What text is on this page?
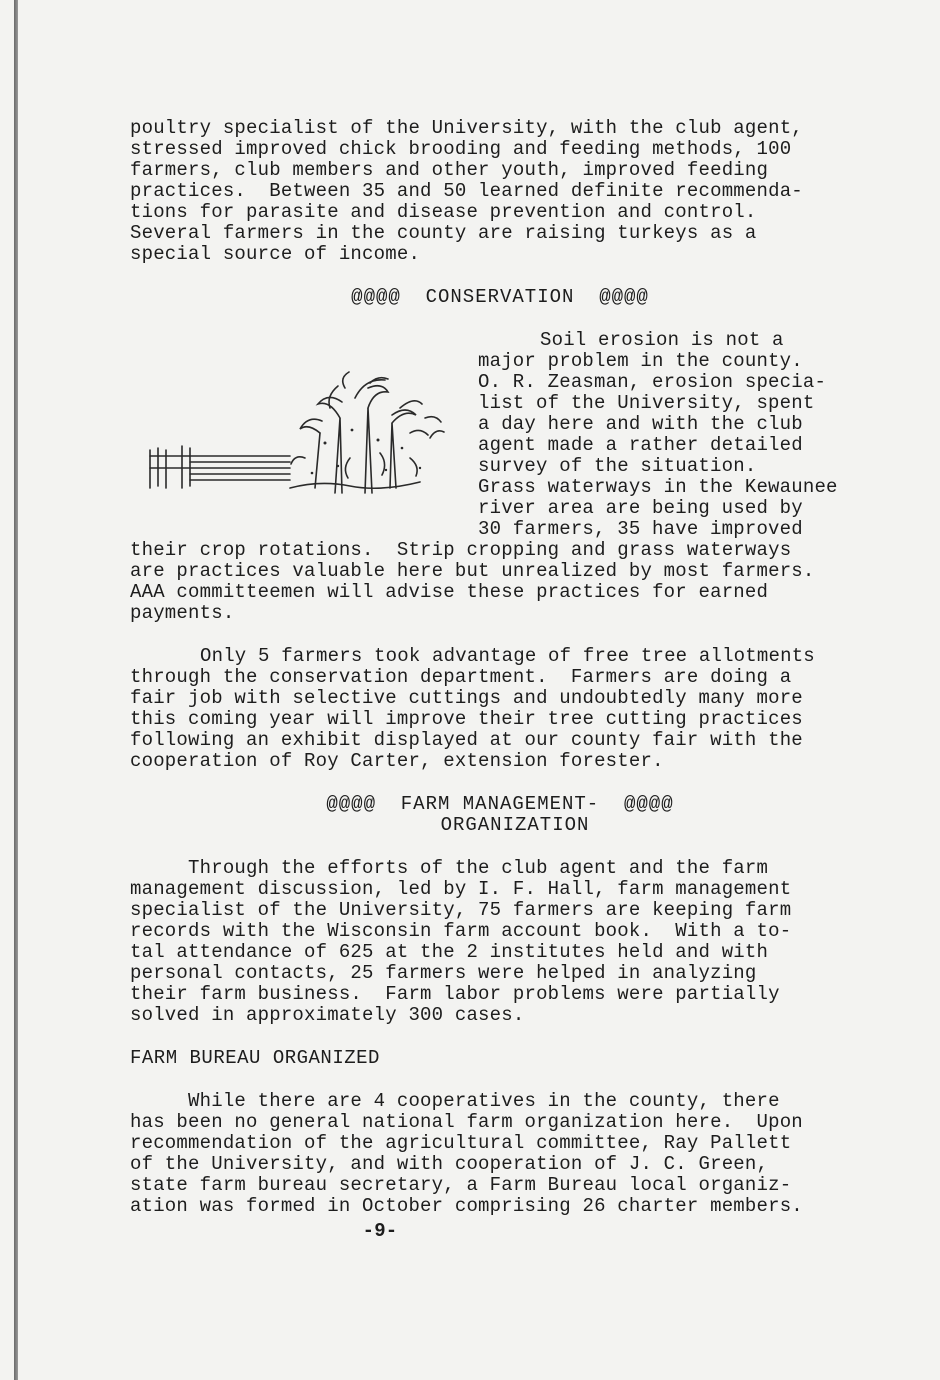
poultry specialist of the University, with the club agent,
stressed improved chick brooding and feeding methods, 100
farmers, club members and other youth, improved feeding
practices.  Between 35 and 50 learned definite recommenda-
tions for parasite and disease prevention and control.
Several farmers in the county are raising turkeys as a
special source of income.
@@@@  CONSERVATION  @@@@
Soil erosion is not a
major problem in the county.
O. R. Zeasman, erosion specia-
list of the University, spent
a day here and with the club
agent made a rather detailed
survey of the situation.
Grass waterways in the Kewaunee
river area are being used by
30 farmers, 35 have improved
their crop rotations.  Strip cropping and grass waterways
are practices valuable here but unrealized by most farmers.
AAA committeemen will advise these practices for earned
payments.
Only 5 farmers took advantage of free tree allotments
through the conservation department.  Farmers are doing a
fair job with selective cuttings and undoubtedly many more
this coming year will improve their tree cutting practices
following an exhibit displayed at our county fair with the
cooperation of Roy Carter, extension forester.
@@@@  FARM MANAGEMENT-  @@@@
ORGANIZATION
Through the efforts of the club agent and the farm
management discussion, led by I. F. Hall, farm management
specialist of the University, 75 farmers are keeping farm
records with the Wisconsin farm account book.  With a to-
tal attendance of 625 at the 2 institutes held and with
personal contacts, 25 farmers were helped in analyzing
their farm business.  Farm labor problems were partially
solved in approximately 300 cases.
FARM BUREAU ORGANIZED
While there are 4 cooperatives in the county, there
has been no general national farm organization here.  Upon
recommendation of the agricultural committee, Ray Pallett
of the University, and with cooperation of J. C. Green,
state farm bureau secretary, a Farm Bureau local organiz-
ation was formed in October comprising 26 charter members.
-9-
